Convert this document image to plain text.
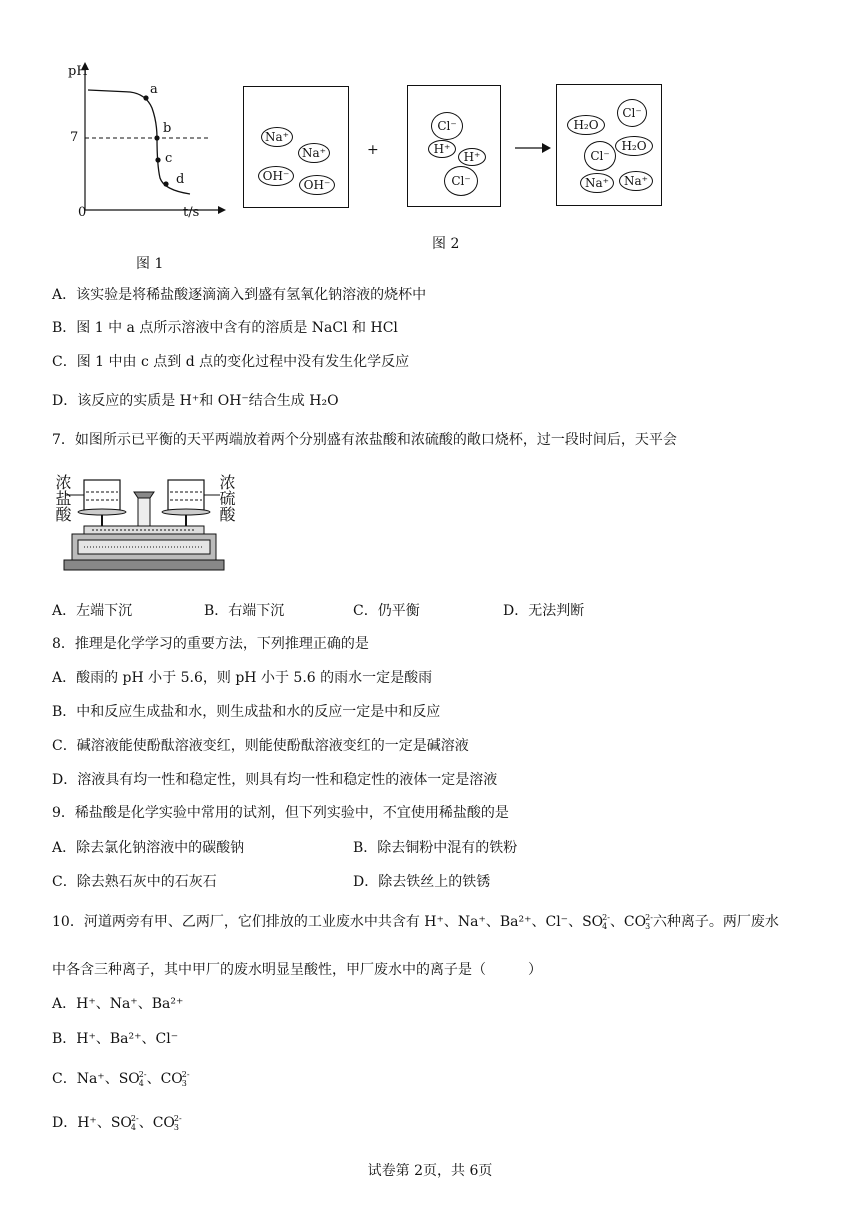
pH
t/s
0
7
a
b
c
d
图 1
Na⁺
Na⁺
OH⁻
OH⁻
+
Cl⁻
H⁺
H⁺
Cl⁻
H₂O
Cl⁻
Cl⁻
H₂O
Na⁺	Na⁺
图 2
A．该实验是将稀盐酸逐滴滴入到盛有氢氧化钠溶液的烧杯中
B．图 1 中 a 点所示溶液中含有的溶质是 NaCl 和 HCl
C．图 1 中由 c 点到 d 点的变化过程中没有发生化学反应
D．该反应的实质是 H⁺和 OH⁻结合生成 H₂O
7．如图所示已平衡的天平两端放着两个分别盛有浓盐酸和浓硫酸的敞口烧杯，过一段时间后，天平会
浓盐酸	浓硫酸
A．左端下沉	B．右端下沉	C．仍平衡	D．无法判断
8．推理是化学学习的重要方法，下列推理正确的是
A．酸雨的 pH 小于 5.6，则 pH 小于 5.6 的雨水一定是酸雨
B．中和反应生成盐和水，则生成盐和水的反应一定是中和反应
C．碱溶液能使酚酞溶液变红，则能使酚酞溶液变红的一定是碱溶液
D．溶液具有均一性和稳定性，则具有均一性和稳定性的液体一定是溶液
9．稀盐酸是化学实验中常用的试剂，但下列实验中，不宜使用稀盐酸的是
A．除去氯化钠溶液中的碳酸钠	B．除去铜粉中混有的铁粉
C．除去熟石灰中的石灰石	D．除去铁丝上的铁锈
10．河道两旁有甲、乙两厂，它们排放的工业废水中共含有 H⁺、Na⁺、Ba²⁺、Cl⁻、SO 2-
4 、CO 2-
3 六种离子。两厂废水
中各含三种离子，其中甲厂的废水明显呈酸性，甲厂废水中的离子是（　　　）
A．H⁺、Na⁺、Ba²⁺
B．H⁺、Ba²⁺、Cl⁻
C．Na⁺、SO 2-
4 、CO 2-
3
D．H⁺、SO 2-
4 、CO 2-
3
试卷第 2页，共 6页
